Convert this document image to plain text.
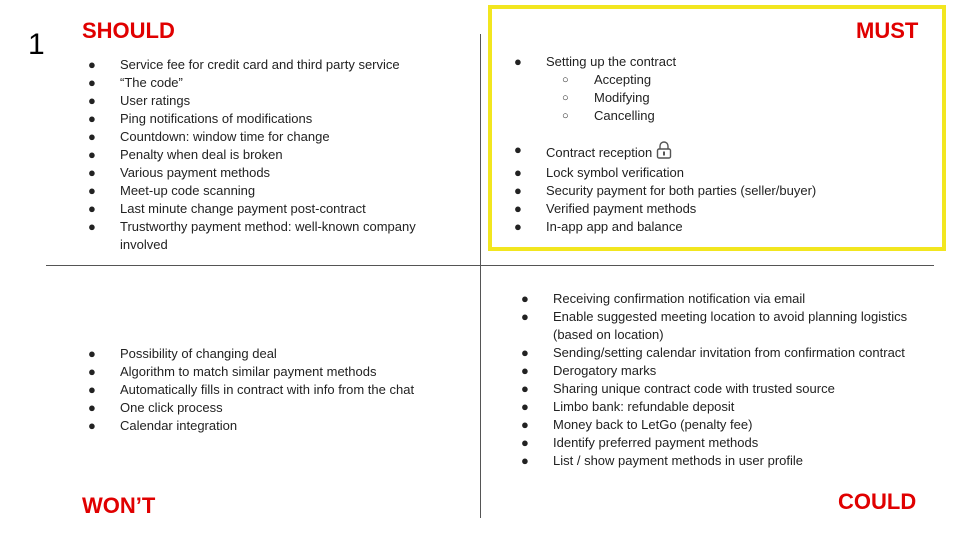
1 SHOULD
● Service fee for credit card and third party service
● “The code”
● User ratings
● Ping notifications of modifications
● Countdown: window time for change
● Penalty when deal is broken
● Various payment methods
● Meet-up code scanning
● Last minute change payment post-contract
● Trustworthy payment method: well-known company involved
MUST
● Setting up the contract
○ Accepting
○ Modifying
○ Cancelling
● Contract reception
● Lock symbol verification
● Security payment for both parties (seller/buyer)
● Verified payment methods
● In-app app and balance
● Possibility of changing deal
● Algorithm to match similar payment methods
● Automatically fills in contract with info from the chat
● One click process
● Calendar integration
WON’T
● Receiving confirmation notification via email
● Enable suggested meeting location to avoid planning logistics (based on location)
● Sending/setting calendar invitation from confirmation contract
● Derogatory marks
● Sharing unique contract code with trusted source
● Limbo bank: refundable deposit
● Money back to LetGo (penalty fee)
● Identify preferred payment methods
● List / show payment methods in user profile
COULD
